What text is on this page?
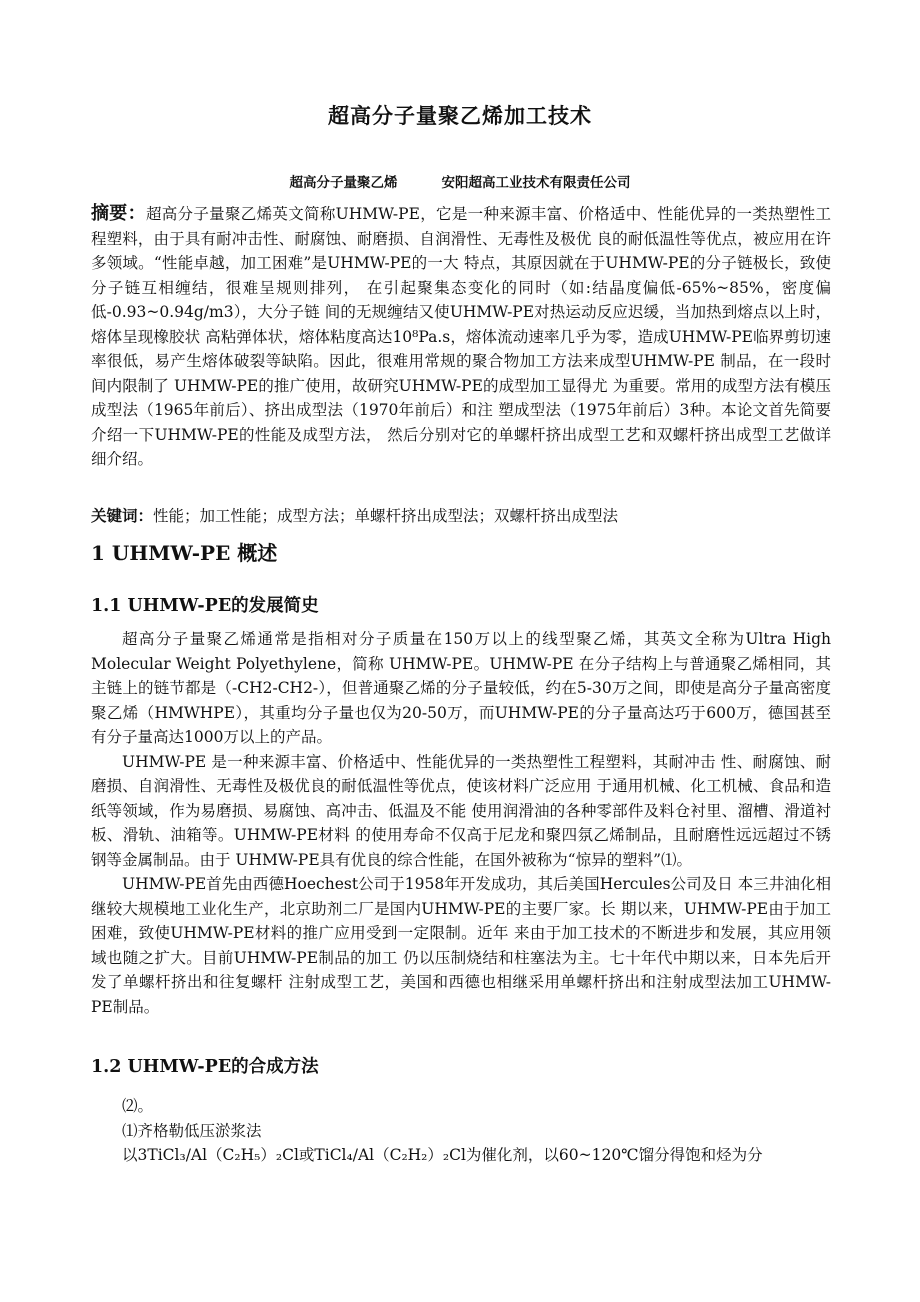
超高分子量聚乙烯加工技术
超高分子量聚乙烯	安阳超高工业技术有限责任公司
摘要：超高分子量聚乙烯英文简称UHMW-PE，它是一种来源丰富、价格适中、性能优异的一类热塑性工程塑料，由于具有耐冲击性、耐腐蚀、耐磨损、自润滑性、无毒性及极优 良的耐低温性等优点，被应用在许多领域。“性能卓越，加工困难”是UHMW-PE的一大 特点，其原因就在于UHMW-PE的分子链极长，致使分子链互相缠结，很难呈规则排列， 在引起聚集态变化的同时（如:结晶度偏低-65%~85%，密度偏低-0.93~0.94g/m3），大分子链 间的无规缠结又使UHMW-PE对热运动反应迟缓，当加热到熔点以上时，熔体呈现橡胶状 高粘弹体状，熔体粘度高达10⁸Pa.s，熔体流动速率几乎为零，造成UHMW-PE临界剪切速 率很低，易产生熔体破裂等缺陷。因此，很难用常规的聚合物加工方法来成型UHMW-PE 制品，在一段时间内限制了 UHMW-PE的推广使用，故研究UHMW-PE的成型加工显得尤 为重要。常用的成型方法有模压成型法（1965年前后）、挤出成型法（1970年前后）和注 塑成型法（1975年前后）3种。本论文首先简要介绍一下UHMW-PE的性能及成型方法， 然后分别对它的单螺杆挤出成型工艺和双螺杆挤出成型工艺做详细介绍。
关键词：性能；加工性能；成型方法；单螺杆挤出成型法；双螺杆挤出成型法
1 UHMW-PE 概述
1.1 UHMW-PE的发展简史

超高分子量聚乙烯通常是指相对分子质量在150万以上的线型聚乙烯，其英文全称为Ultra High Molecular Weight Polyethylene，简称 UHMW-PE。UHMW-PE 在分子结构上与普通聚乙烯相同，其主链上的链节都是（-CH2-CH2-），但普通聚乙烯的分子量较低，约在5-30万之间，即使是高分子量高密度聚乙烯（HMWHPE），其重均分子量也仅为20-50万，而UHMW-PE的分子量高达巧于600万，德国甚至有分子量高达1000万以上的产品。

UHMW-PE 是一种来源丰富、价格适中、性能优异的一类热塑性工程塑料，其耐冲击 性、耐腐蚀、耐磨损、自润滑性、无毒性及极优良的耐低温性等优点，使该材料广泛应用 于通用机械、化工机械、食品和造纸等领域，作为易磨损、易腐蚀、高冲击、低温及不能 使用润滑油的各种零部件及料仓衬里、溜槽、滑道衬板、滑轨、油箱等。UHMW-PE材料 的使用寿命不仅高于尼龙和聚四氛乙烯制品，且耐磨性远远超过不锈钢等金属制品。由于 UHMW-PE具有优良的综合性能，在国外被称为“惊异的塑料”⑴。

UHMW-PE首先由西德Hoechest公司于1958年开发成功，其后美国Hercules公司及日 本三井油化相继较大规模地工业化生产，北京助剂二厂是国内UHMW-PE的主要厂家。长 期以来，UHMW-PE由于加工困难，致使UHMW-PE材料的推广应用受到一定限制。近年 来由于加工技术的不断进步和发展，其应用领域也随之扩大。目前UHMW-PE制品的加工 仍以压制烧结和柱塞法为主。七十年代中期以来，日本先后开发了单螺杆挤出和往复螺杆 注射成型工艺，美国和西德也相继采用单螺杆挤出和注射成型法加工UHMW-PE制品。

1.2 UHMW-PE的合成方法

⑵。

⑴齐格勒低压淤浆法

以3TiCl₃/Al（C₂H₅）₂Cl或TiCl₄/Al（C₂H₂）₂Cl为催化剂，以60~120℃馏分得饱和烃为分
